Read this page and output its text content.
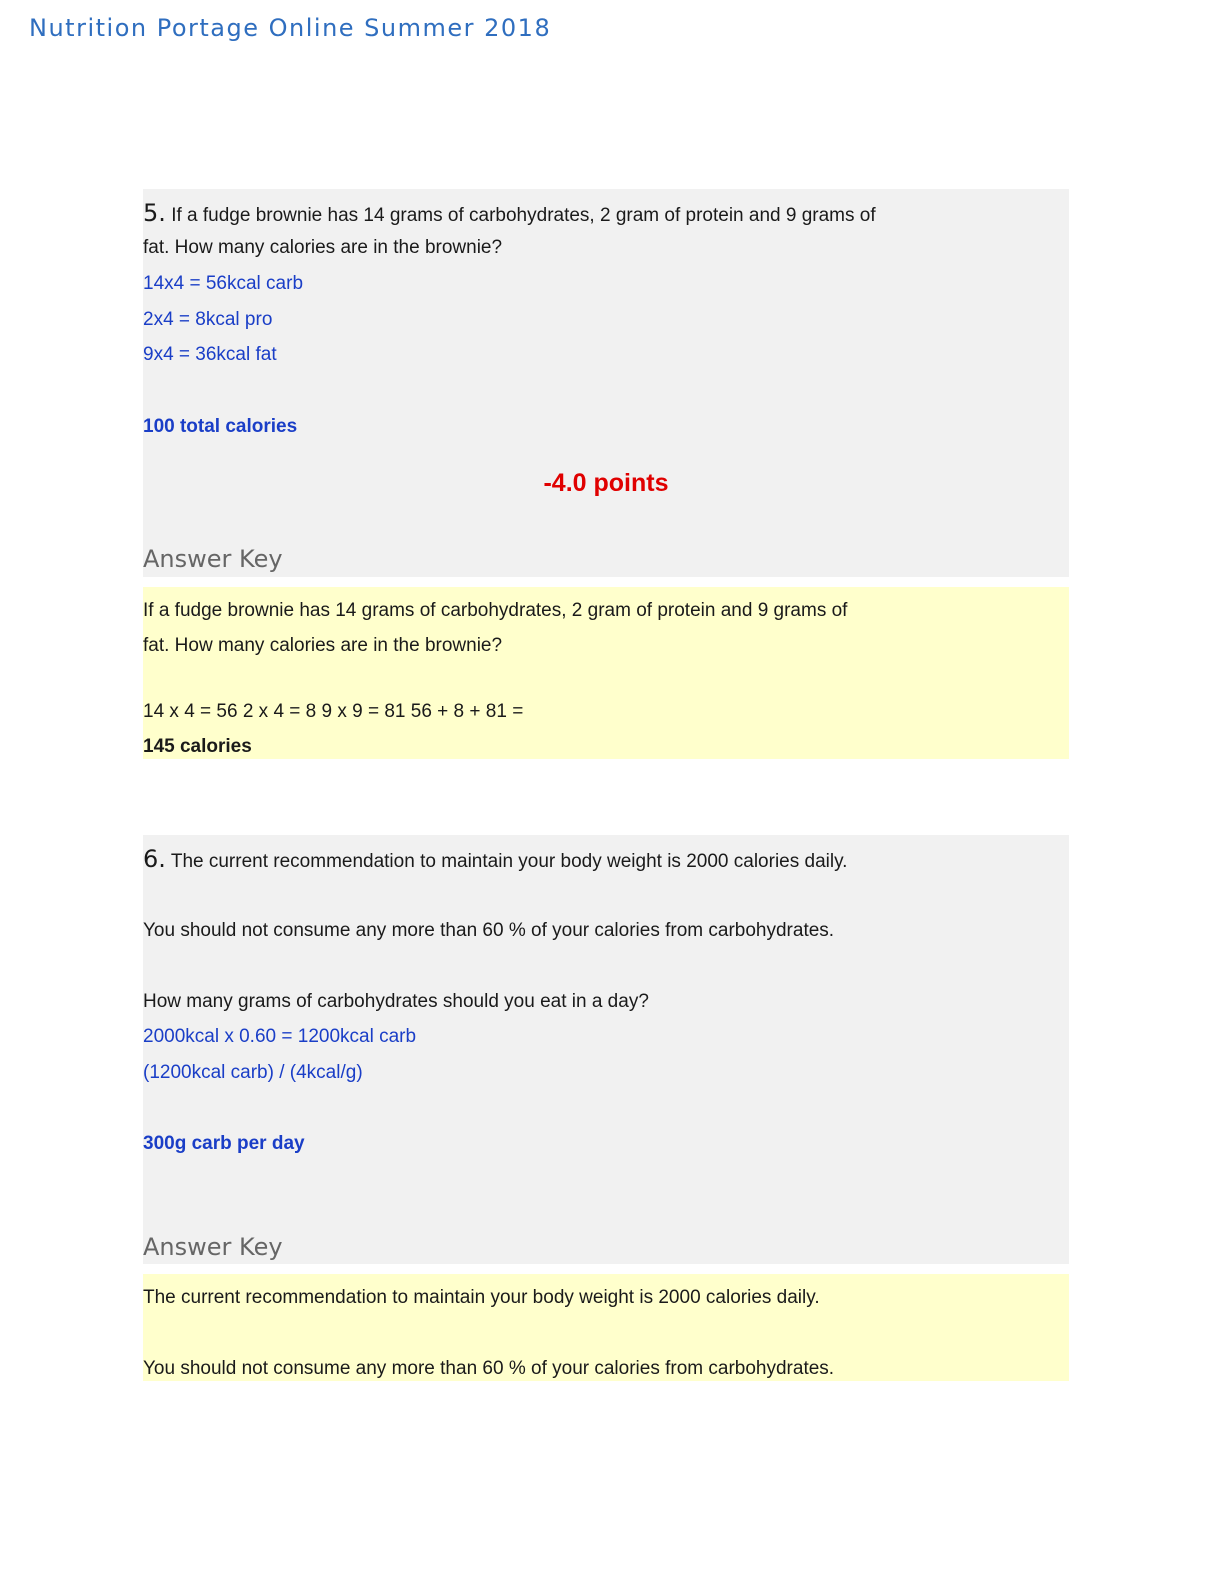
Nutrition Portage Online Summer 2018
5. If a fudge brownie has 14 grams of carbohydrates, 2 gram of protein and 9 grams of
fat. How many calories are in the brownie?
14x4 = 56kcal carb
2x4 = 8kcal pro
9x4 = 36kcal fat
100 total calories
-4.0 points
Answer Key
If a fudge brownie has 14 grams of carbohydrates, 2 gram of protein and 9 grams of
fat. How many calories are in the brownie?
14 x 4 = 56 2 x 4 = 8 9 x 9 = 81 56 + 8 + 81 =
145 calories
6. The current recommendation to maintain your body weight is 2000 calories daily.
You should not consume any more than 60 % of your calories from carbohydrates.
How many grams of carbohydrates should you eat in a day?
2000kcal x 0.60 = 1200kcal carb
(1200kcal carb) / (4kcal/g)
300g carb per day
Answer Key
The current recommendation to maintain your body weight is 2000 calories daily.
You should not consume any more than 60 % of your calories from carbohydrates.
